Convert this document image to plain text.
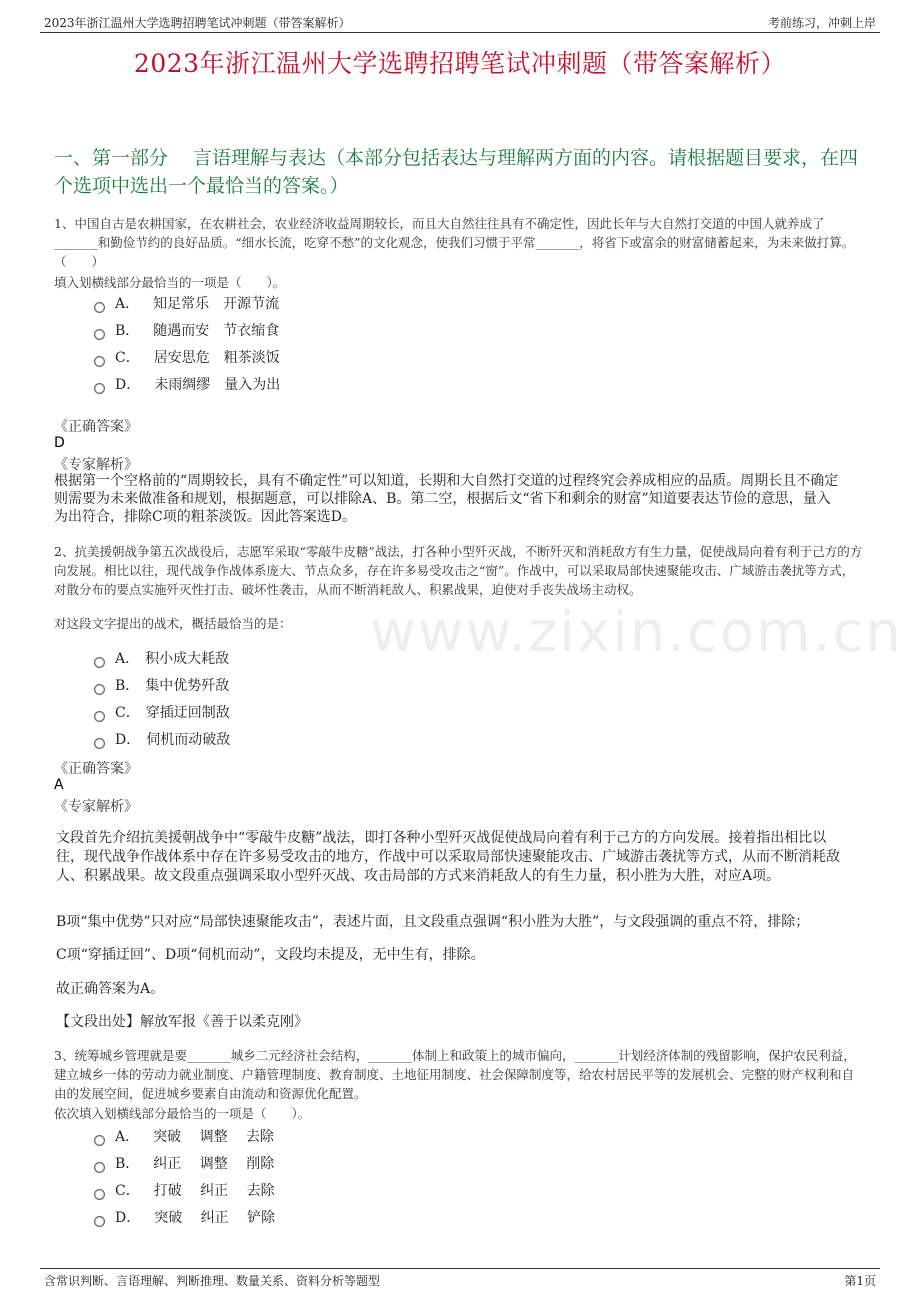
2023年浙江温州大学选聘招聘笔试冲刺题（带答案解析）	考前练习，冲刺上岸
2023年浙江温州大学选聘招聘笔试冲刺题（带答案解析）
一、第一部分　 言语理解与表达（本部分包括表达与理解两方面的内容。请根据题目要求，在四个选项中选出一个最恰当的答案。）
1、中国自古是农耕国家，在农耕社会，农业经济收益周期较长，而且大自然往往具有不确定性，因此长年与大自然打交道的中国人就养成了_______和勤俭节约的良好品质。“细水长流，吃穿不愁”的文化观念，使我们习惯于平常_______，将省下或富余的财富储蓄起来，为未来做打算。（　　）
填入划横线部分最恰当的一项是（　　）。
A． 知足常乐　开源节流
B． 随遇而安　节衣缩食
C． 居安思危　粗茶淡饭
D． 未雨绸缪　量入为出
《正确答案》
D
《专家解析》
根据第一个空格前的“周期较长，具有不确定性”可以知道，长期和大自然打交道的过程终究会养成相应的品质。周期长且不确定则需要为未来做准备和规划，根据题意，可以排除A、B。第二空，根据后文“省下和剩余的财富”知道要表达节俭的意思，量入为出符合，排除C项的粗茶淡饭。因此答案选D。
2、抗美援朝战争第五次战役后，志愿军采取“零敲牛皮糖”战法，打各种小型歼灭战，不断歼灭和消耗敌方有生力量，促使战局向着有利于己方的方向发展。相比以往，现代战争作战体系庞大、节点众多，存在许多易受攻击之“窗”。作战中，可以采取局部快速聚能攻击、广域游击袭扰等方式，对散分布的要点实施歼灭性打击、破坏性袭击，从而不断消耗敌人、积累战果，迫使对手丧失战场主动权。
对这段文字提出的战术，概括最恰当的是： www.zixin.com.cn
A． 积小成大耗敌
B． 集中优势歼敌
C． 穿插迂回制敌
D． 伺机而动破敌
《正确答案》
A
《专家解析》
文段首先介绍抗美援朝战争中“零敲牛皮糖”战法，即打各种小型歼灭战促使战局向着有利于己方的方向发展。接着指出相比以往，现代战争作战体系中存在许多易受攻击的地方，作战中可以采取局部快速聚能攻击、广域游击袭扰等方式，从而不断消耗敌人、积累战果。故文段重点强调采取小型歼灭战、攻击局部的方式来消耗敌人的有生力量，积小胜为大胜，对应A项。
B项“集中优势”只对应“局部快速聚能攻击”，表述片面，且文段重点强调“积小胜为大胜”，与文段强调的重点不符，排除；
C项“穿插迂回”、D项“伺机而动”，文段均未提及，无中生有，排除。
故正确答案为A。
【文段出处】解放军报《善于以柔克刚》
3、统筹城乡管理就是要_______城乡二元经济社会结构，_______体制上和政策上的城市偏向，_______计划经济体制的残留影响，保护农民利益，建立城乡一体的劳动力就业制度、户籍管理制度、教育制度、土地征用制度、社会保障制度等，给农村居民平等的发展机会、完整的财产权利和自由的发展空间，促进城乡要素自由流动和资源优化配置。
依次填入划横线部分最恰当的一项是（　　）。
A． 突破　 调整　 去除
B． 纠正　 调整　 削除
C． 打破　 纠正　 去除
D． 突破　 纠正　 铲除
含常识判断、言语理解、判断推理、数量关系、资料分析等题型	第1页
